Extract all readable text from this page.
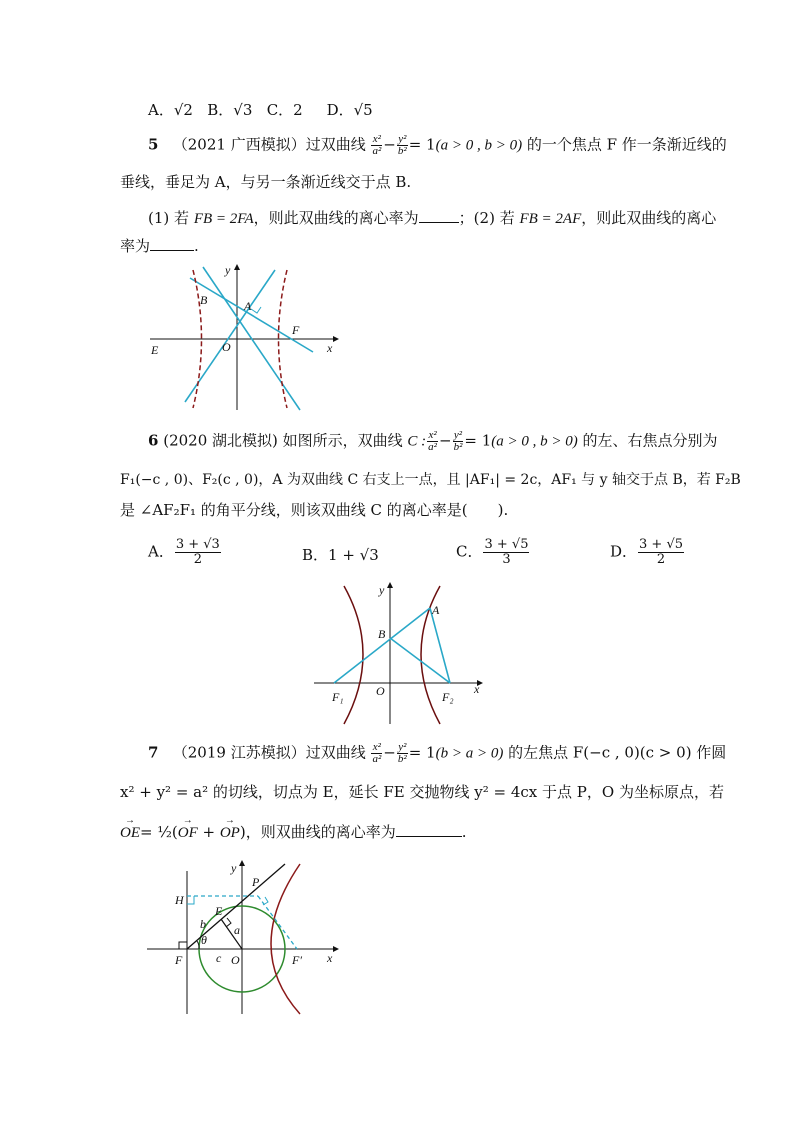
A．√2 B．√3 C．2 D．√5
5 （2021 广西模拟）过双曲线 $\frac{\text{x²}}{\text{a²}} - \frac{\text{y²}}{\text{b²}} = 1(a > 0$ , b > 0) 的一个焦点 F 作一条渐近线的
垂线，垂足为 A，与另一条渐近线交于点 B.
(1) 若 FB = 2FA，则此双曲线的离心率为	；(2) 若 FB = 2AF，则此双曲线的离心
率为	.
y
x
B	A
F
O
E
6 (2020 湖北模拟) 如图所示，双曲线 C : $\frac{\text{x²}}{\text{a²}} - \frac{\text{y²}}{\text{b²}} = 1(a > 0$ , b > 0) 的左、右焦点分别为
F₁(−c , 0)、F₂(c , 0)，A 为双曲线 C 右支上一点，且 |AF₁| = 2c，AF₁ 与 y 轴交于点 B，若 F₂B
是 ∠AF₂F₁ 的角平分线，则该双曲线 C 的离心率是(　　).
A． $\frac{3 + √3}{2}$	B．1 + √3	C． $\frac{3 + √5}{3}$	D． $\frac{3 + √5}{2}$
y
x
A
B
F₁	O	F₂
7 （2019 江苏模拟）过双曲线 $\frac{\text{x²}}{\text{a²}} - \frac{\text{y²}}{\text{b²}} = 1(b > a > 0)$ 的左焦点 F(−c , 0)(c > 0) 作圆
x² + y² = a² 的切线，切点为 E，延长 FE 交抛物线 y² = 4cx 于点 P，O 为坐标原点，若
→ OE= ½(→ OF + → OP)，则双曲线的离心率为	.
y
x
H
P
E
b a
θ
F	c O	F′
